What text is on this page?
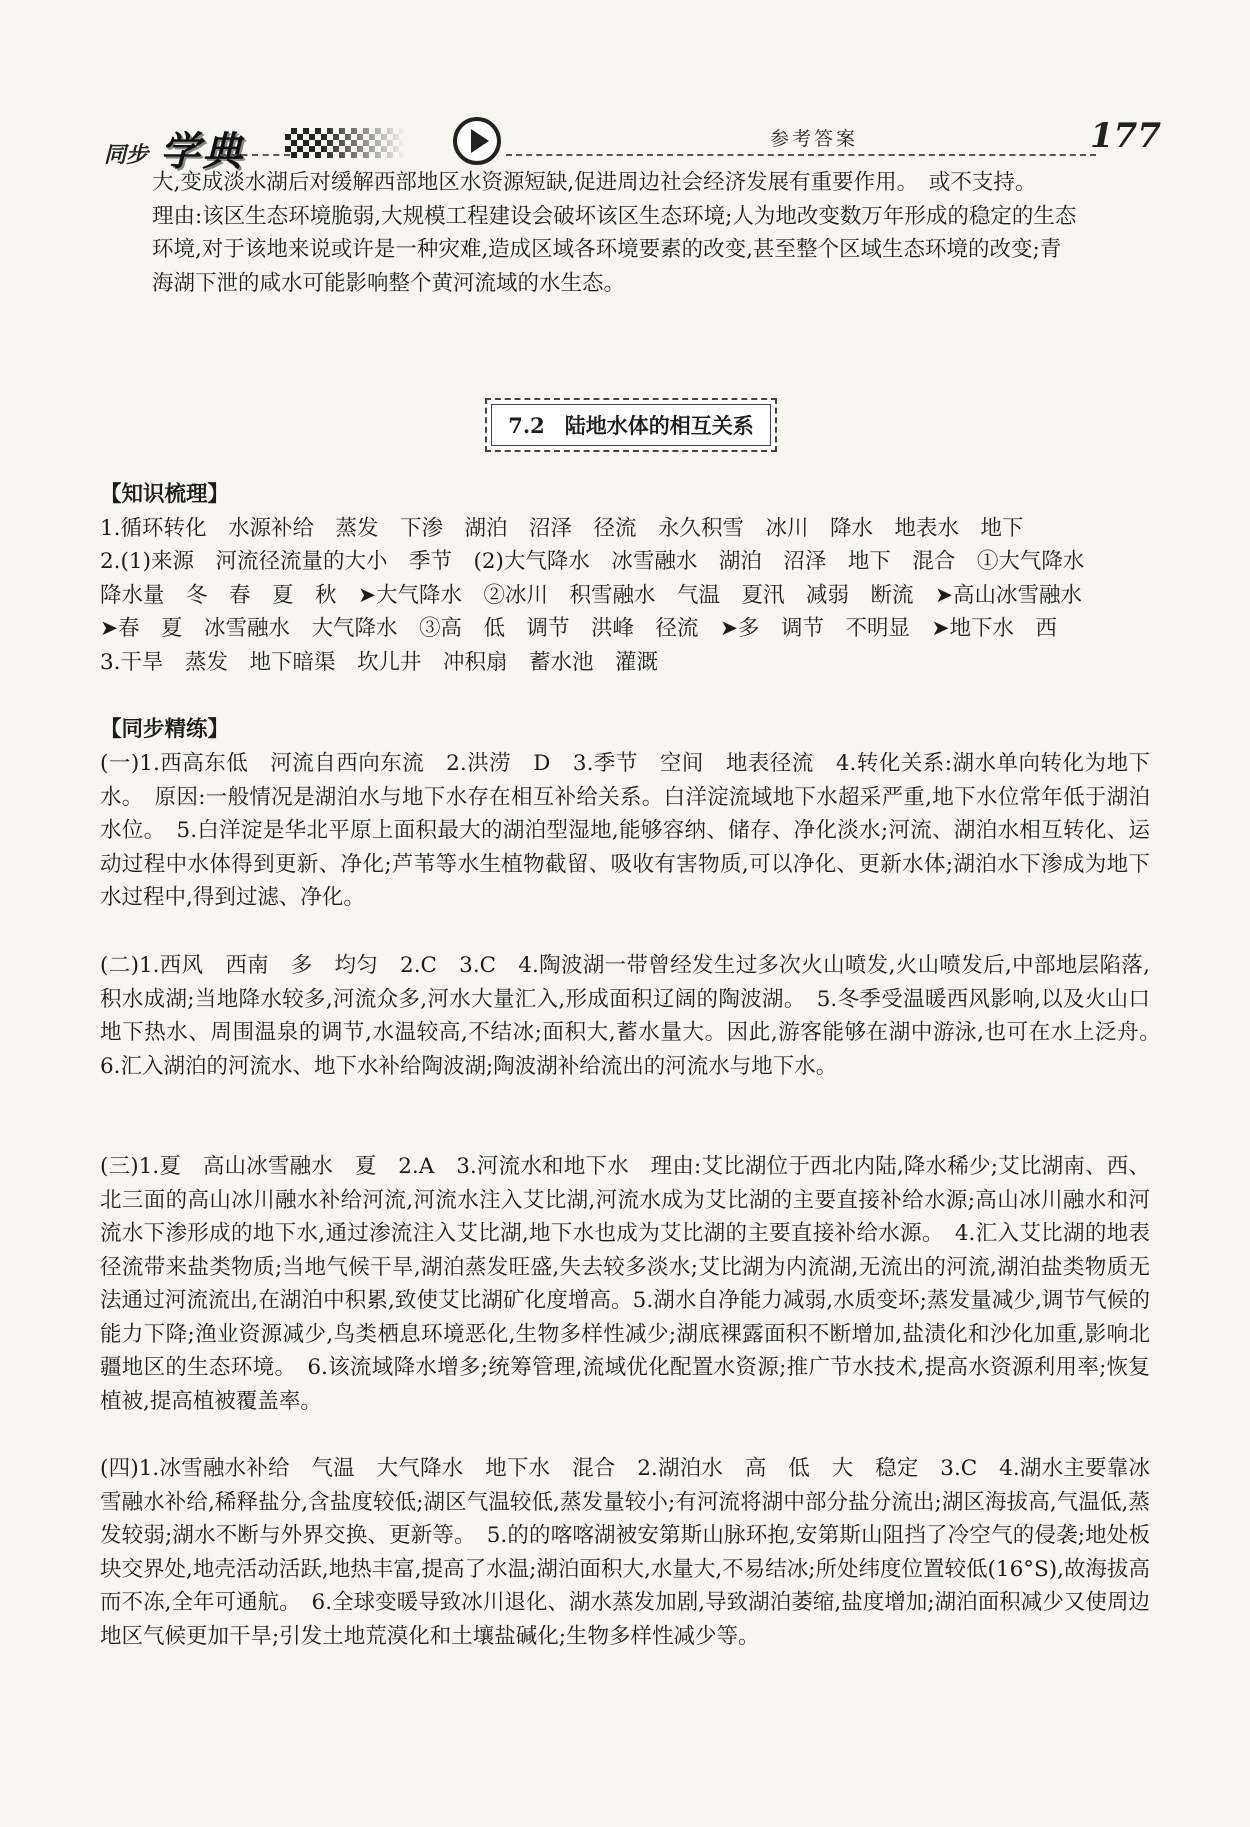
同步 学典	参考答案	177

大,变成淡水湖后对缓解西部地区水资源短缺,促进周边社会经济发展有重要作用。　或不支持。

理由:该区生态环境脆弱,大规模工程建设会破坏该区生态环境;人为地改变数万年形成的稳定的生态

环境,对于该地来说或许是一种灾难,造成区域各环境要素的改变,甚至整个区域生态环境的改变;青

海湖下泄的咸水可能影响整个黄河流域的水生态。

7.2 陆地水体的相互关系

【知识梳理】

1.循环转化　水源补给　蒸发　下渗　湖泊　沼泽　径流　永久积雪　冰川　降水　地表水　地下

2.(1)来源　河流径流量的大小　季节　(2)大气降水　冰雪融水　湖泊　沼泽　地下　混合　①大气降水

降水量　冬　春　夏　秋　➤大气降水　②冰川　积雪融水　气温　夏汛　减弱　断流　➤高山冰雪融水

➤春　夏　冰雪融水　大气降水　③高　低　调节　洪峰　径流　➤多　调节　不明显　➤地下水　西

3.干旱　蒸发　地下暗渠　坎儿井　冲积扇　蓄水池　灌溉

【同步精练】

(一)1.西高东低　河流自西向东流　2.洪涝　D　3.季节　空间　地表径流　4.转化关系:湖水单向转化为地下水。　原因:一般情况是湖泊水与地下水存在相互补给关系。白洋淀流域地下水超采严重,地下水位常年低于湖泊水位。　5.白洋淀是华北平原上面积最大的湖泊型湿地,能够容纳、储存、净化淡水;河流、湖泊水相互转化、运动过程中水体得到更新、净化;芦苇等水生植物截留、吸收有害物质,可以净化、更新水体;湖泊水下渗成为地下水过程中,得到过滤、净化。

(二)1.西风　西南　多　均匀　2.C　3.C　4.陶波湖一带曾经发生过多次火山喷发,火山喷发后,中部地层陷落,积水成湖;当地降水较多,河流众多,河水大量汇入,形成面积辽阔的陶波湖。　5.冬季受温暖西风影响,以及火山口地下热水、周围温泉的调节,水温较高,不结冰;面积大,蓄水量大。因此,游客能够在湖中游泳,也可在水上泛舟。　6.汇入湖泊的河流水、地下水补给陶波湖;陶波湖补给流出的河流水与地下水。

(三)1.夏　高山冰雪融水　夏　2.A　3.河流水和地下水　理由:艾比湖位于西北内陆,降水稀少;艾比湖南、西、北三面的高山冰川融水补给河流,河流水注入艾比湖,河流水成为艾比湖的主要直接补给水源;高山冰川融水和河流水下渗形成的地下水,通过渗流注入艾比湖,地下水也成为艾比湖的主要直接补给水源。　4.汇入艾比湖的地表径流带来盐类物质;当地气候干旱,湖泊蒸发旺盛,失去较多淡水;艾比湖为内流湖,无流出的河流,湖泊盐类物质无法通过河流流出,在湖泊中积累,致使艾比湖矿化度增高。5.湖水自净能力减弱,水质变坏;蒸发量减少,调节气候的能力下降;渔业资源减少,鸟类栖息环境恶化,生物多样性减少;湖底裸露面积不断增加,盐渍化和沙化加重,影响北疆地区的生态环境。　6.该流域降水增多;统筹管理,流域优化配置水资源;推广节水技术,提高水资源利用率;恢复植被,提高植被覆盖率。

(四)1.冰雪融水补给　气温　大气降水　地下水　混合　2.湖泊水　高　低　大　稳定　3.C　4.湖水主要靠冰雪融水补给,稀释盐分,含盐度较低;湖区气温较低,蒸发量较小;有河流将湖中部分盐分流出;湖区海拔高,气温低,蒸发较弱;湖水不断与外界交换、更新等。　5.的的喀喀湖被安第斯山脉环抱,安第斯山阻挡了冷空气的侵袭;地处板块交界处,地壳活动活跃,地热丰富,提高了水温;湖泊面积大,水量大,不易结冰;所处纬度位置较低(16°S),故海拔高而不冻,全年可通航。　6.全球变暖导致冰川退化、湖水蒸发加剧,导致湖泊萎缩,盐度增加;湖泊面积减少又使周边地区气候更加干旱;引发土地荒漠化和土壤盐碱化;生物多样性减少等。
